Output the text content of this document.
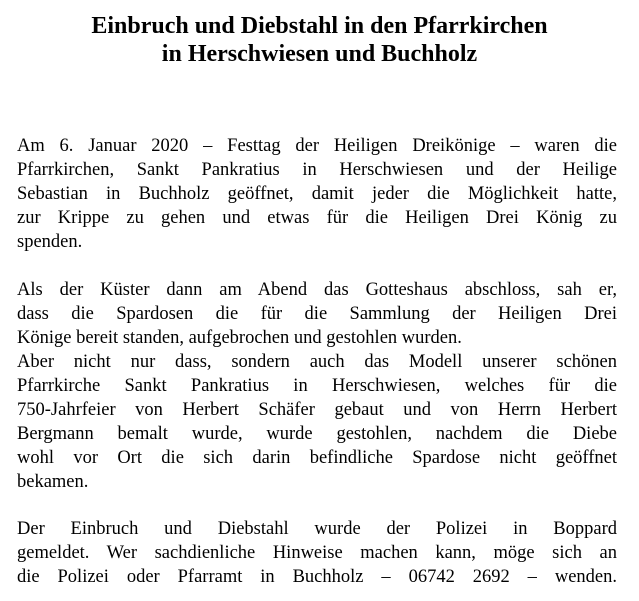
Einbruch und Diebstahl in den Pfarrkirchen
in Herschwiesen und Buchholz
Am 6. Januar 2020 – Festtag der Heiligen Dreikönige – waren die
Pfarrkirchen, Sankt Pankratius in Herschwiesen und der Heilige
Sebastian in Buchholz geöffnet, damit jeder die Möglichkeit hatte,
zur Krippe zu gehen und etwas für die Heiligen Drei König zu
spenden.
Als der Küster dann am Abend das Gotteshaus abschloss, sah er,
dass die Spardosen die für die Sammlung der Heiligen Drei
Könige bereit standen, aufgebrochen und gestohlen wurden.
Aber nicht nur dass, sondern auch das Modell unserer schönen
Pfarrkirche Sankt Pankratius in Herschwiesen, welches für die
750-Jahrfeier von Herbert Schäfer gebaut und von Herrn Herbert
Bergmann bemalt wurde, wurde gestohlen, nachdem die Diebe
wohl vor Ort die sich darin befindliche Spardose nicht geöffnet
bekamen.
Der Einbruch und Diebstahl wurde der Polizei in Boppard
gemeldet. Wer sachdienliche Hinweise machen kann, möge sich an
die Polizei oder Pfarramt in Buchholz – 06742 2692 – wenden.
